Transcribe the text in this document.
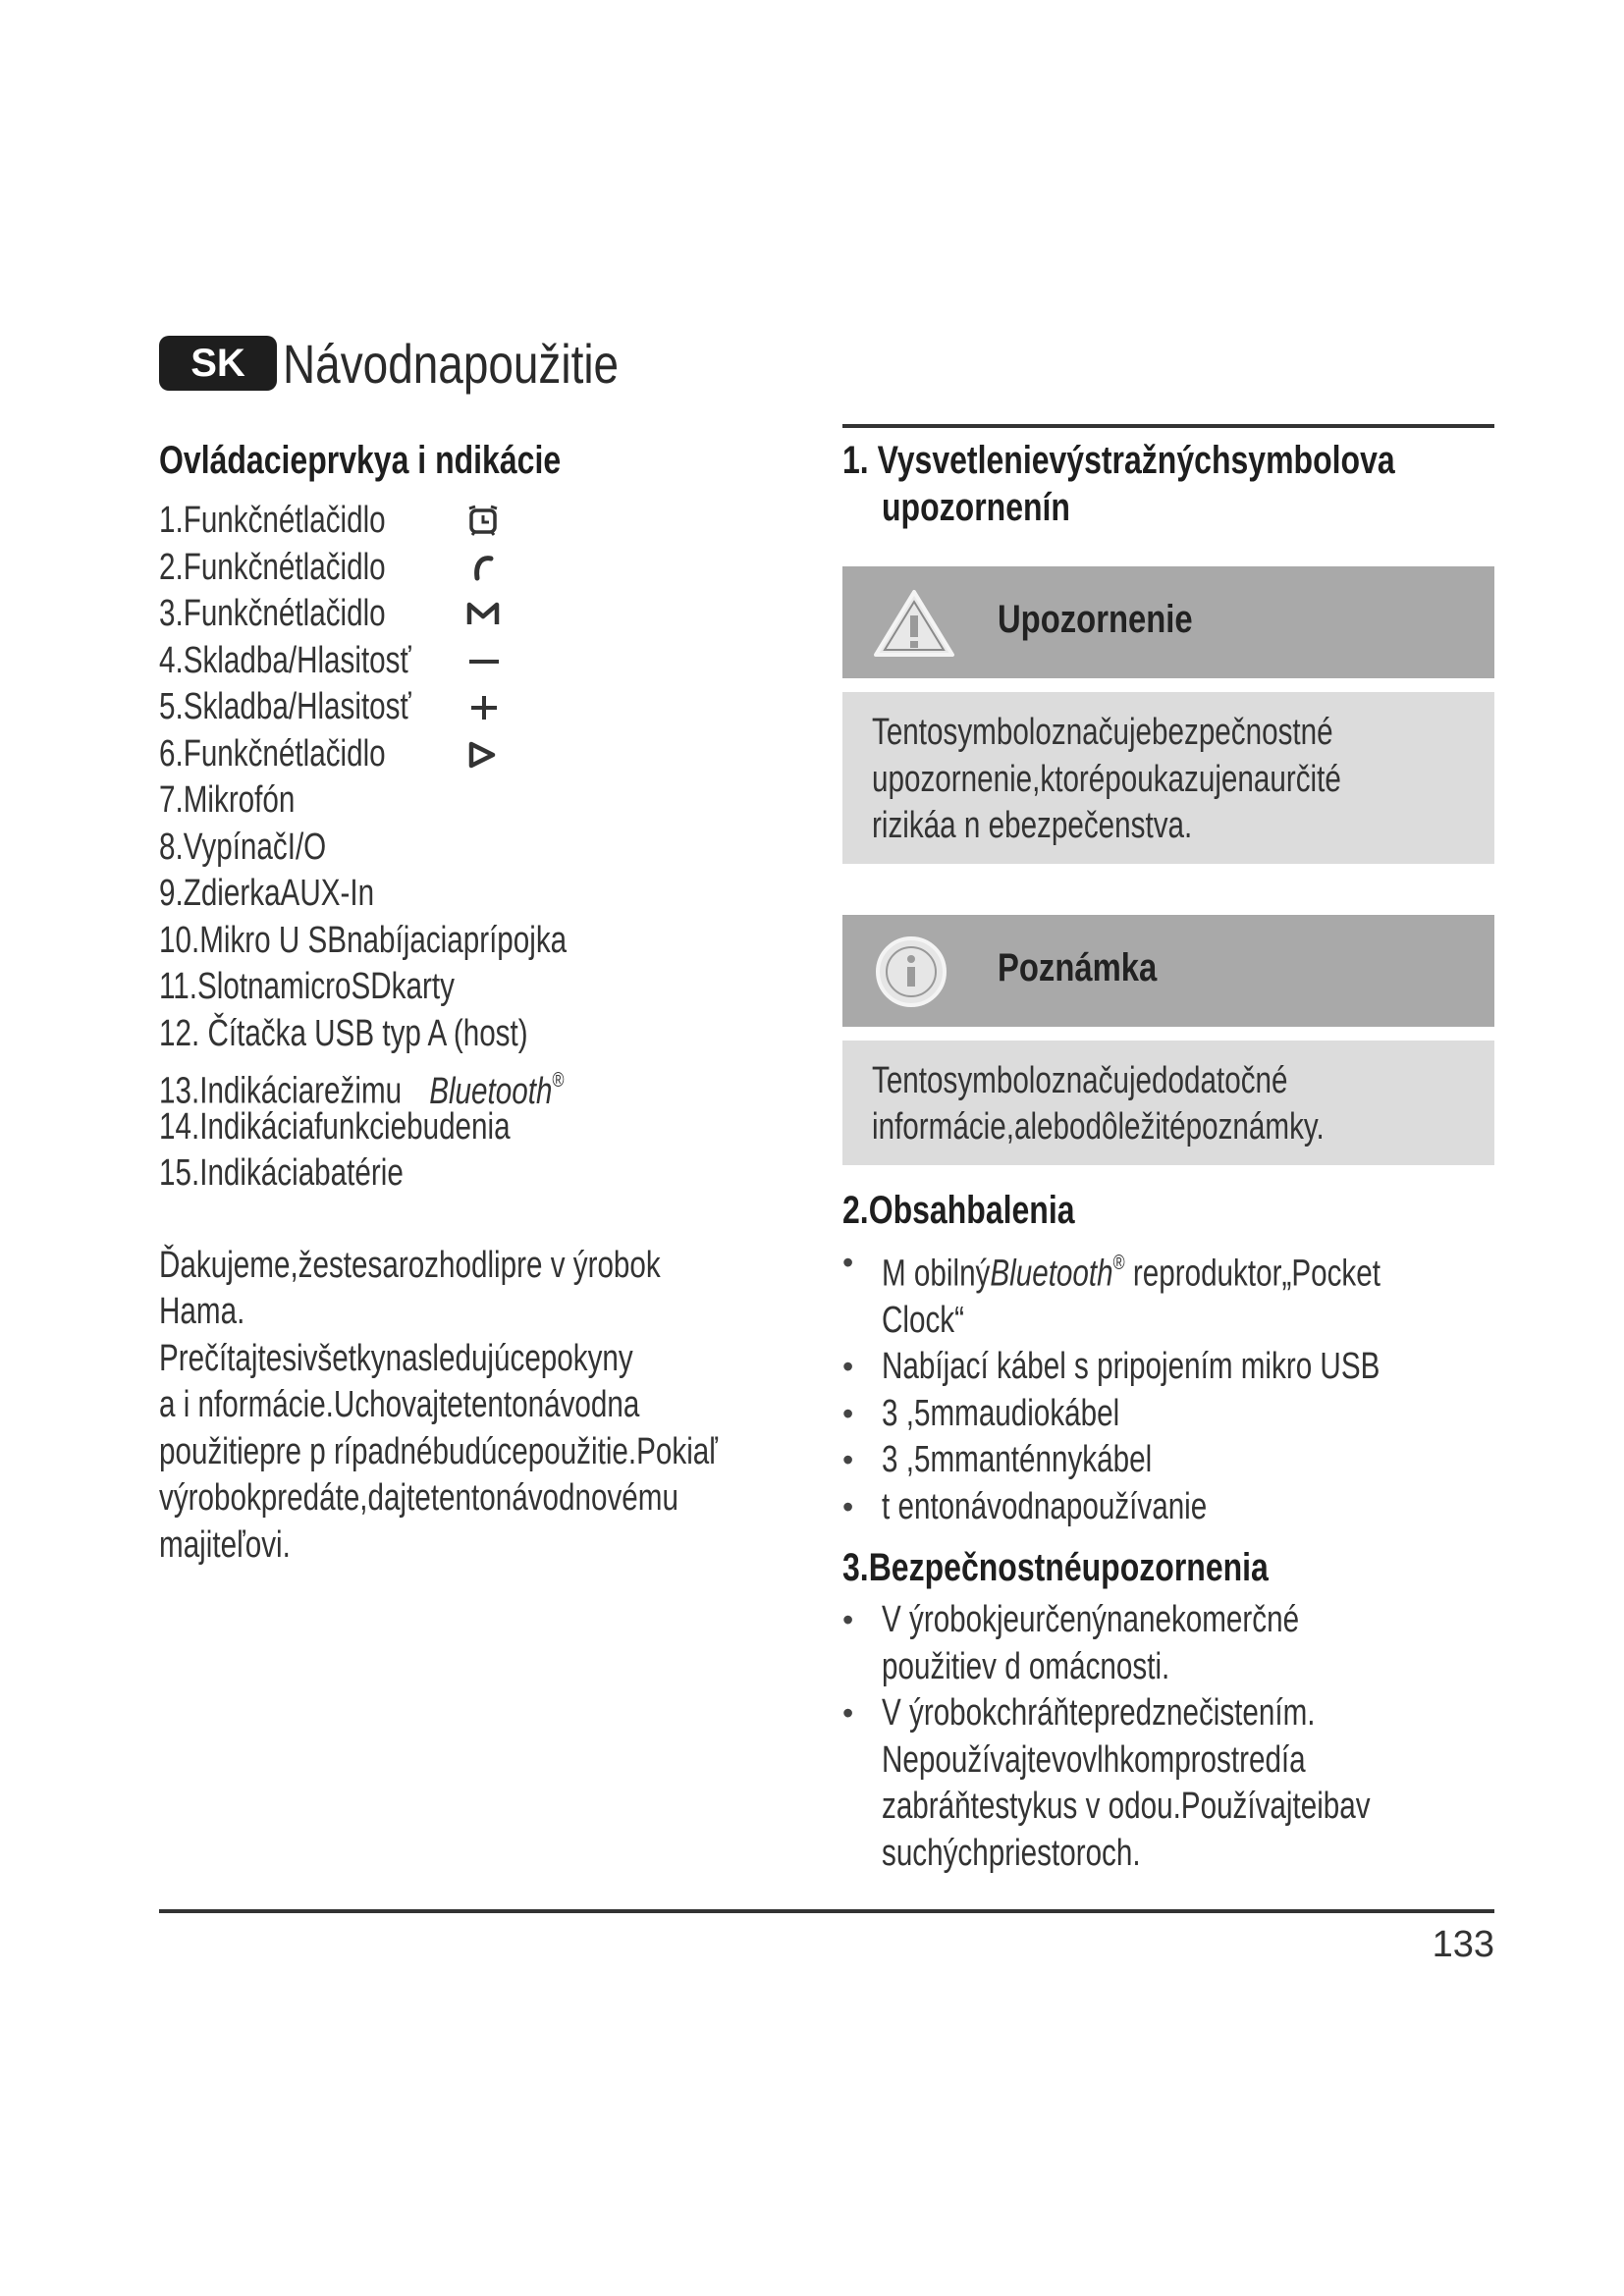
SK Návodnapoužitie
Ovládacieprvkya i ndikácie
1.Funkčnétlačidlo
2.Funkčnétlačidlo
3.Funkčnétlačidlo
4.Skladba/Hlasitosť
5.Skladba/Hlasitosť
6.Funkčnétlačidlo
7.Mikrofón
8.VypínačI/O
9.ZdierkaAUX-In
10.Mikro U SBnabíjaciaprípojka
11.SlotnamicroSDkarty
12. Čítačka USB typ A (host)
13.Indikáciarežimu Bluetooth®
14.Indikáciafunkciebudenia
15.Indikáciabatérie
Ďakujeme,žestesarozhodlipre v ýrobok
Hama.
Prečítajtesivšetkynasledujúcepokyny
a i nformácie.Uchovajtetentonávodna
použitiepre p rípadnébudúcepoužitie.Pokiaľ
výrobokpredáte,dajtetentonávodnovému
majiteľovi.
1. Vysvetlenievýstražnýchsymbolova
upozornenín
Upozornenie
Tentosymboloznačujebezpečnostné
upozornenie,ktorépoukazujenaurčité
rizikáa n ebezpečenstva.
Poznámka
Tentosymboloznačujedodatočné
informácie,alebodôležitépoznámky.
2.Obsahbalenia
• M obilnýBluetooth® reproduktor„Pocket
Clock“
• Nabíjací kábel s pripojením mikro USB
• 3 ,5mmaudiokábel
• 3 ,5mmanténnykábel
• t entonávodnapoužívanie
3.Bezpečnostnéupozornenia
• V ýrobokjeurčenýnanekomerčné
použitiev d omácnosti.
• V ýrobokchráňtepredznečistením.
Nepoužívajtevovlhkomprostredía
zabráňtestykus v odou.Používajteibav
suchýchpriestoroch.
133
